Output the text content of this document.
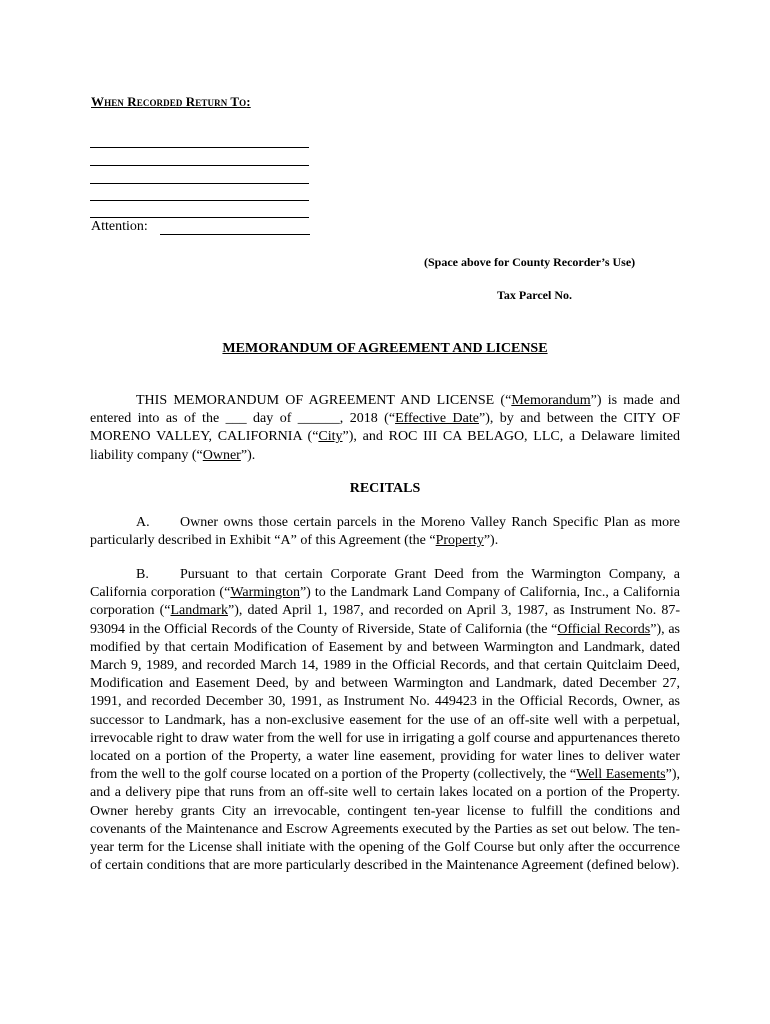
When Recorded Return To:
Attention:
(Space above for County Recorder’s Use)
Tax Parcel No.
MEMORANDUM OF AGREEMENT AND LICENSE
THIS MEMORANDUM OF AGREEMENT AND LICENSE (“Memorandum”) is made and entered into as of the ___ day of ______, 2018 (“Effective Date”), by and between the CITY OF MORENO VALLEY, CALIFORNIA (“City”), and ROC III CA BELAGO, LLC, a Delaware limited liability company (“Owner”).
RECITALS
A. Owner owns those certain parcels in the Moreno Valley Ranch Specific Plan as more particularly described in Exhibit “A” of this Agreement (the “Property”).
B. Pursuant to that certain Corporate Grant Deed from the Warmington Company, a California corporation (“Warmington”) to the Landmark Land Company of California, Inc., a California corporation (“Landmark”), dated April 1, 1987, and recorded on April 3, 1987, as Instrument No. 87-93094 in the Official Records of the County of Riverside, State of California (the “Official Records”), as modified by that certain Modification of Easement by and between Warmington and Landmark, dated March 9, 1989, and recorded March 14, 1989 in the Official Records, and that certain Quitclaim Deed, Modification and Easement Deed, by and between Warmington and Landmark, dated December 27, 1991, and recorded December 30, 1991, as Instrument No. 449423 in the Official Records, Owner, as successor to Landmark, has a non-exclusive easement for the use of an off-site well with a perpetual, irrevocable right to draw water from the well for use in irrigating a golf course and appurtenances thereto located on a portion of the Property, a water line easement, providing for water lines to deliver water from the well to the golf course located on a portion of the Property (collectively, the “Well Easements”), and a delivery pipe that runs from an off-site well to certain lakes located on a portion of the Property. Owner hereby grants City an irrevocable, contingent ten-year license to fulfill the conditions and covenants of the Maintenance and Escrow Agreements executed by the Parties as set out below. The ten-year term for the License shall initiate with the opening of the Golf Course but only after the occurrence of certain conditions that are more particularly described in the Maintenance Agreement (defined below).
